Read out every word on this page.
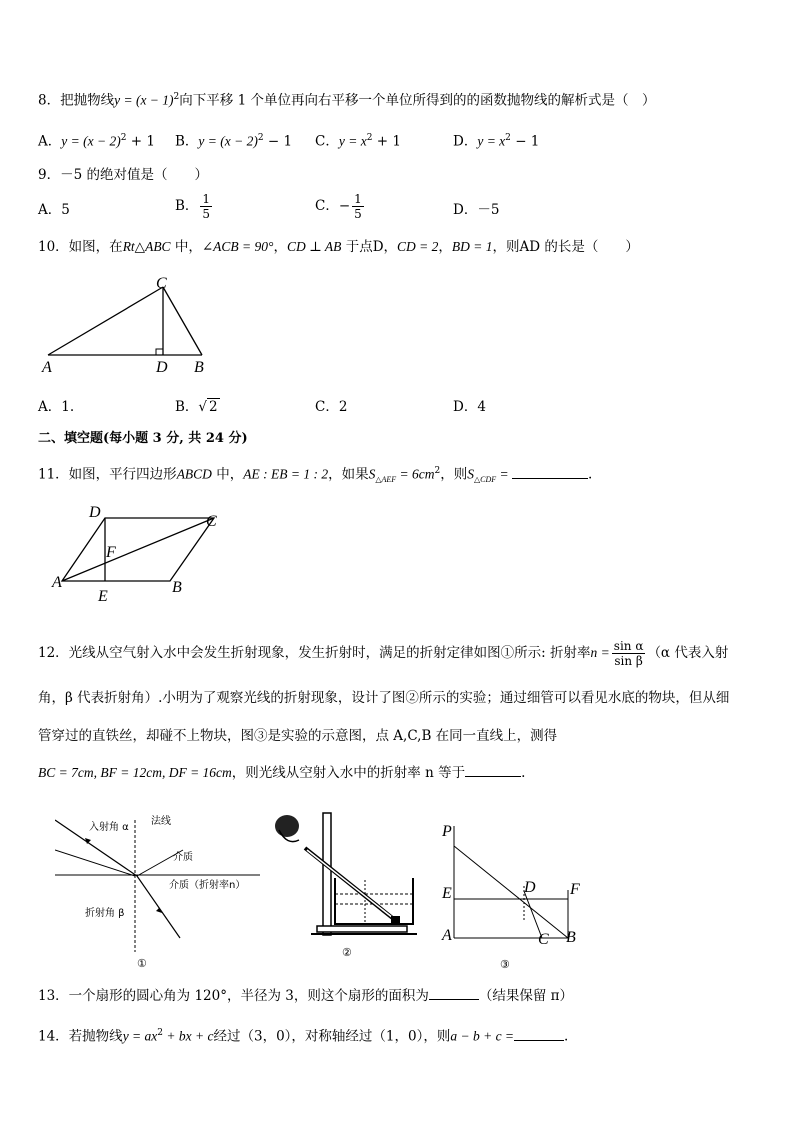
8．把抛物线$y = (x - 1)^2$向下平移 1 个单位再向右平移一个单位所得到的的函数抛物线的解析式是（　）
A．$y = (x - 2)^2 + 1$ B．$y = (x - 2)^2 - 1$ C．$y = x^2 + 1$	D．$y = x^2 - 1$
9．－5 的绝对值是（　　）
A．5	B． $\frac{1}{5}$	C．− $\frac{1}{5}$	D．－5
10．如图，在Rt△ABC 中，∠ACB = 90°，CD ⊥ AB 于点D，CD = 2，BD = 1，则AD 的长是（　　）
C
A	D B
A．1.	B．√ 2	C．2	D．4
二、填空题(每小题 3 分, 共 24 分)
11．如图，平行四边形ABCD 中，AE : EB = 1 : 2，如果$S_{\triangle AEF} = 6cm^2$，则$S_{\triangle CDF}$ =	.
D
C
F
A
E
B
12．光线从空气射入水中会发生折射现象，发生折射时，满足的折射定律如图①所示: 折射率$n = \frac{\text{sin α}}{\text{sin β}} (\alpha$ 代表入射
角，β 代表折射角）.小明为了观察光线的折射现象，设计了图②所示的实验；通过细管可以看见水底的物块，但从细
管穿过的直铁丝，却碰不上物块，图③是实验的示意图，点 A,C,B 在同一直线上，测得
BC = 7cm, BF = 12cm, DF = 16cm，则光线从空射入水中的折射率 n 等于	.
入射角 α
法线
介质
介质（折射率n）
折射角 β
①
②
P
E	D F
A	C B
③
13．一个扇形的圆心角为 120°，半径为 3，则这个扇形的面积为	（结果保留 π）
14．若抛物线$y = ax^2$ + bx + c经过（3，0），对称轴经过（1，0），则a − b + c =	.
